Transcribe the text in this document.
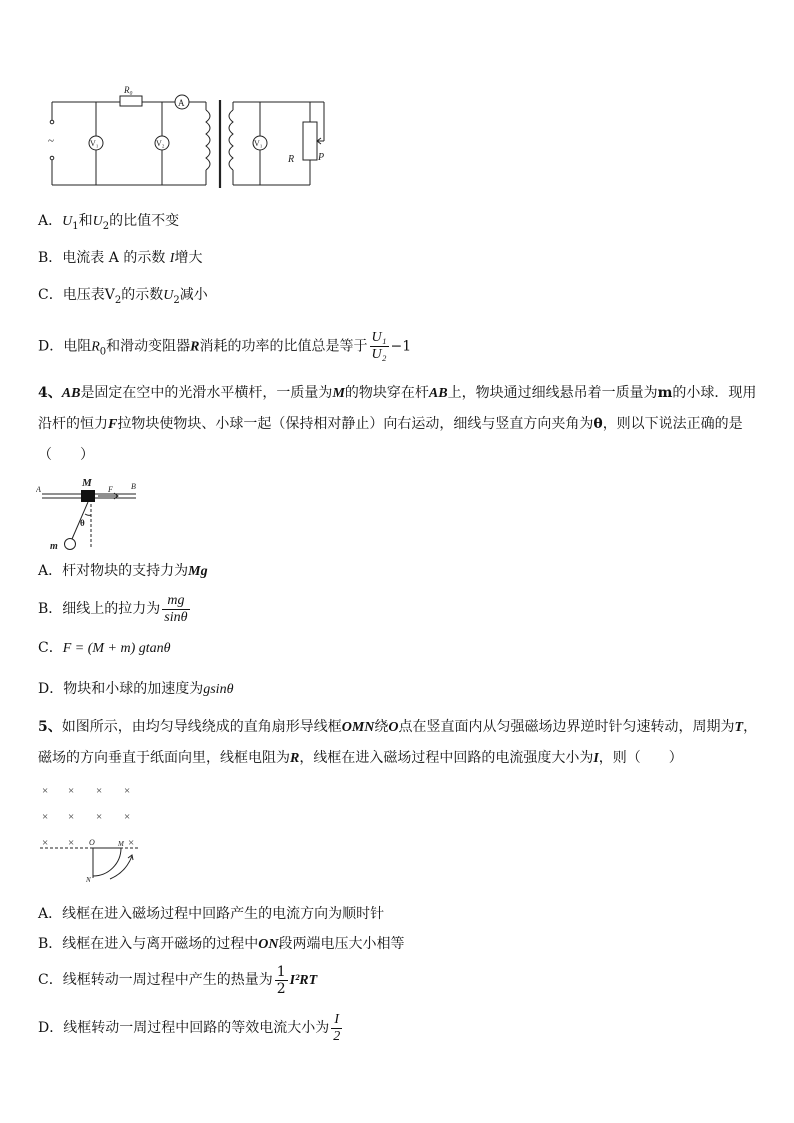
~
R₀
A
V₁	V₂	V₁
R P
A．$U_1$和$U_2$的比值不变
B．电流表 A 的示数 I增大
C．电压表$V_2$的示数$U_2$减小
D．电阻$R_0$和滑动变阻器R消耗的功率的比值总是等于 $\frac{\text{U₁}}{\text{U₂}} -1$
4、AB是固定在空中的光滑水平横杆，一质量为M的物块穿在杆AB上，物块通过细线悬吊着一质量为m的小球．现用沿杆的恒力F拉物块使物块、小球一起（保持相对静止）向右运动，细线与竖直方向夹角为θ，则以下说法正确的是（　　）
A	B
M
F
θ
m
A．杆对物块的支持力为Mg
B．细线上的拉力为 $\frac{mg}{\sin\theta}$
C．F = (M + m) gtanθ
D．物块和小球的加速度为gsinθ
5、如图所示，由均匀导线绕成的直角扇形导线框OMN绕O点在竖直面内从匀强磁场边界逆时针匀速转动，周期为T，磁场的方向垂直于纸面向里，线框电阻为R，线框在进入磁场过程中回路的电流强度大小为I，则（　　）
× × × ×
× × × ×
× ×	×
O	M
N
A．线框在进入磁场过程中回路产生的电流方向为顺时针
B．线框在进入与离开磁场的过程中ON段两端电压大小相等
C．线框转动一周过程中产生的热量为 $\frac{1}{2} I^2RT$
D．线框转动一周过程中回路的等效电流大小为 $\frac{I}{2}$
